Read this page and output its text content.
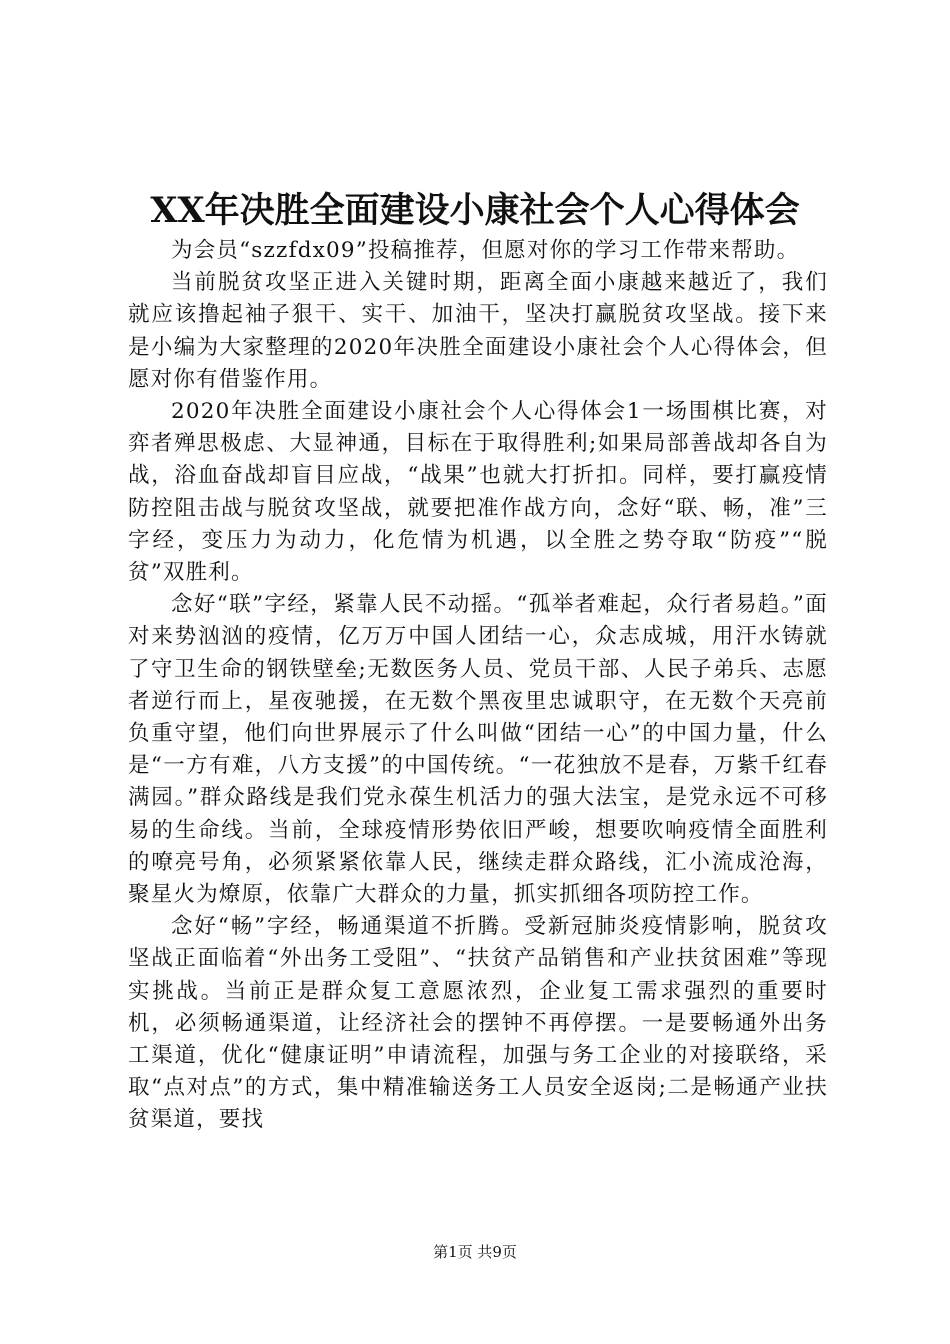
XX年决胜全面建设小康社会个人心得体会

为会员“szzfdx09”投稿推荐，但愿对你的学习工作带来帮助。

当前脱贫攻坚正进入关键时期，距离全面小康越来越近了，我们就应该撸起袖子狠干、实干、加油干，坚决打赢脱贫攻坚战。接下来是小编为大家整理的2020年决胜全面建设小康社会个人心得体会，但愿对你有借鉴作用。

2020年决胜全面建设小康社会个人心得体会1一场围棋比赛，对弈者殚思极虑、大显神通，目标在于取得胜利;如果局部善战却各自为战，浴血奋战却盲目应战，“战果”也就大打折扣。同样，要打赢疫情防控阻击战与脱贫攻坚战，就要把准作战方向，念好“联、畅，准”三字经，变压力为动力，化危情为机遇，以全胜之势夺取“防疫”“脱贫”双胜利。

念好“联”字经，紧靠人民不动摇。“孤举者难起，众行者易趋。”面对来势汹汹的疫情，亿万万中国人团结一心，众志成城，用汗水铸就了守卫生命的钢铁壁垒;无数医务人员、党员干部、人民子弟兵、志愿者逆行而上，星夜驰援，在无数个黑夜里忠诚职守，在无数个天亮前负重守望，他们向世界展示了什么叫做“团结一心”的中国力量，什么是“一方有难，八方支援”的中国传统。“一花独放不是春，万紫千红春满园。”群众路线是我们党永葆生机活力的强大法宝，是党永远不可移易的生命线。当前，全球疫情形势依旧严峻，想要吹响疫情全面胜利的嘹亮号角，必须紧紧依靠人民，继续走群众路线，汇小流成沧海，聚星火为燎原，依靠广大群众的力量，抓实抓细各项防控工作。

念好“畅”字经，畅通渠道不折腾。受新冠肺炎疫情影响，脱贫攻坚战正面临着“外出务工受阻”、“扶贫产品销售和产业扶贫困难”等现实挑战。当前正是群众复工意愿浓烈，企业复工需求强烈的重要时机，必须畅通渠道，让经济社会的摆钟不再停摆。一是要畅通外出务工渠道，优化“健康证明”申请流程，加强与务工企业的对接联络，采取“点对点”的方式，集中精准输送务工人员安全返岗;二是畅通产业扶贫渠道，要找

第1页 共9页
